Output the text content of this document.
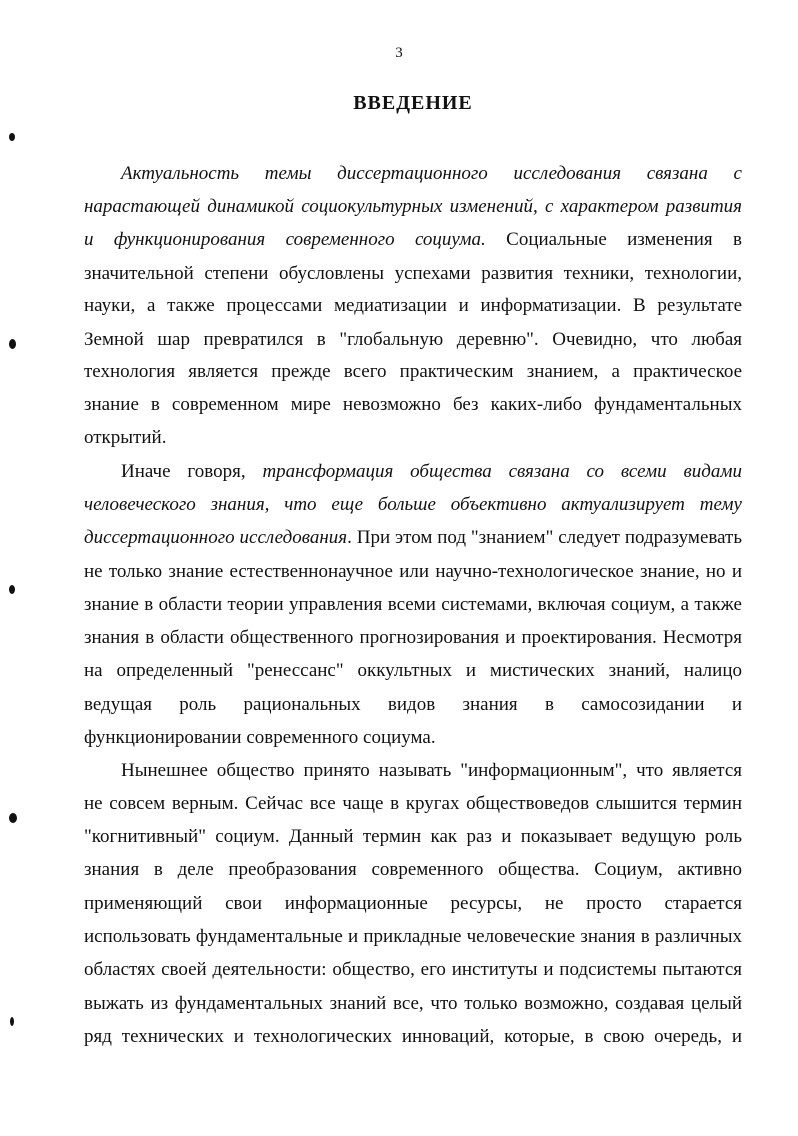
3
ВВЕДЕНИЕ
Актуальность темы диссертационного исследования связана с
нарастающей динамикой социокультурных изменений, с характером развития
и функционирования современного социума. Социальные изменения в
значительной степени обусловлены успехами развития техники, технологии,
науки, а также процессами медиатизации и информатизации. В результате
Земной шар превратился в "глобальную деревню". Очевидно, что любая
технология является прежде всего практическим знанием, а практическое
знание в современном мире невозможно без каких-либо фундаментальных
открытий.
Иначе говоря, трансформация общества связана со всеми видами
человеческого знания, что еще больше объективно актуализирует тему
диссертационного исследования. При этом под "знанием" следует подразумевать
не только знание естественнонаучное или научно-технологическое знание, но и
знание в области теории управления всеми системами, включая социум, а также
знания в области общественного прогнозирования и проектирования. Несмотря
на определенный "ренессанс" оккультных и мистических знаний, налицо
ведущая роль рациональных видов знания в самосозидании и
функционировании современного социума.
Нынешнее общество принято называть "информационным", что является
не совсем верным. Сейчас все чаще в кругах обществоведов слышится термин
"когнитивный" социум. Данный термин как раз и показывает ведущую роль
знания в деле преобразования современного общества. Социум, активно
применяющий свои информационные ресурсы, не просто старается
использовать фундаментальные и прикладные человеческие знания в различных
областях своей деятельности: общество, его институты и подсистемы пытаются
выжать из фундаментальных знаний все, что только возможно, создавая целый
ряд технических и технологических инноваций, которые, в свою очередь, и
